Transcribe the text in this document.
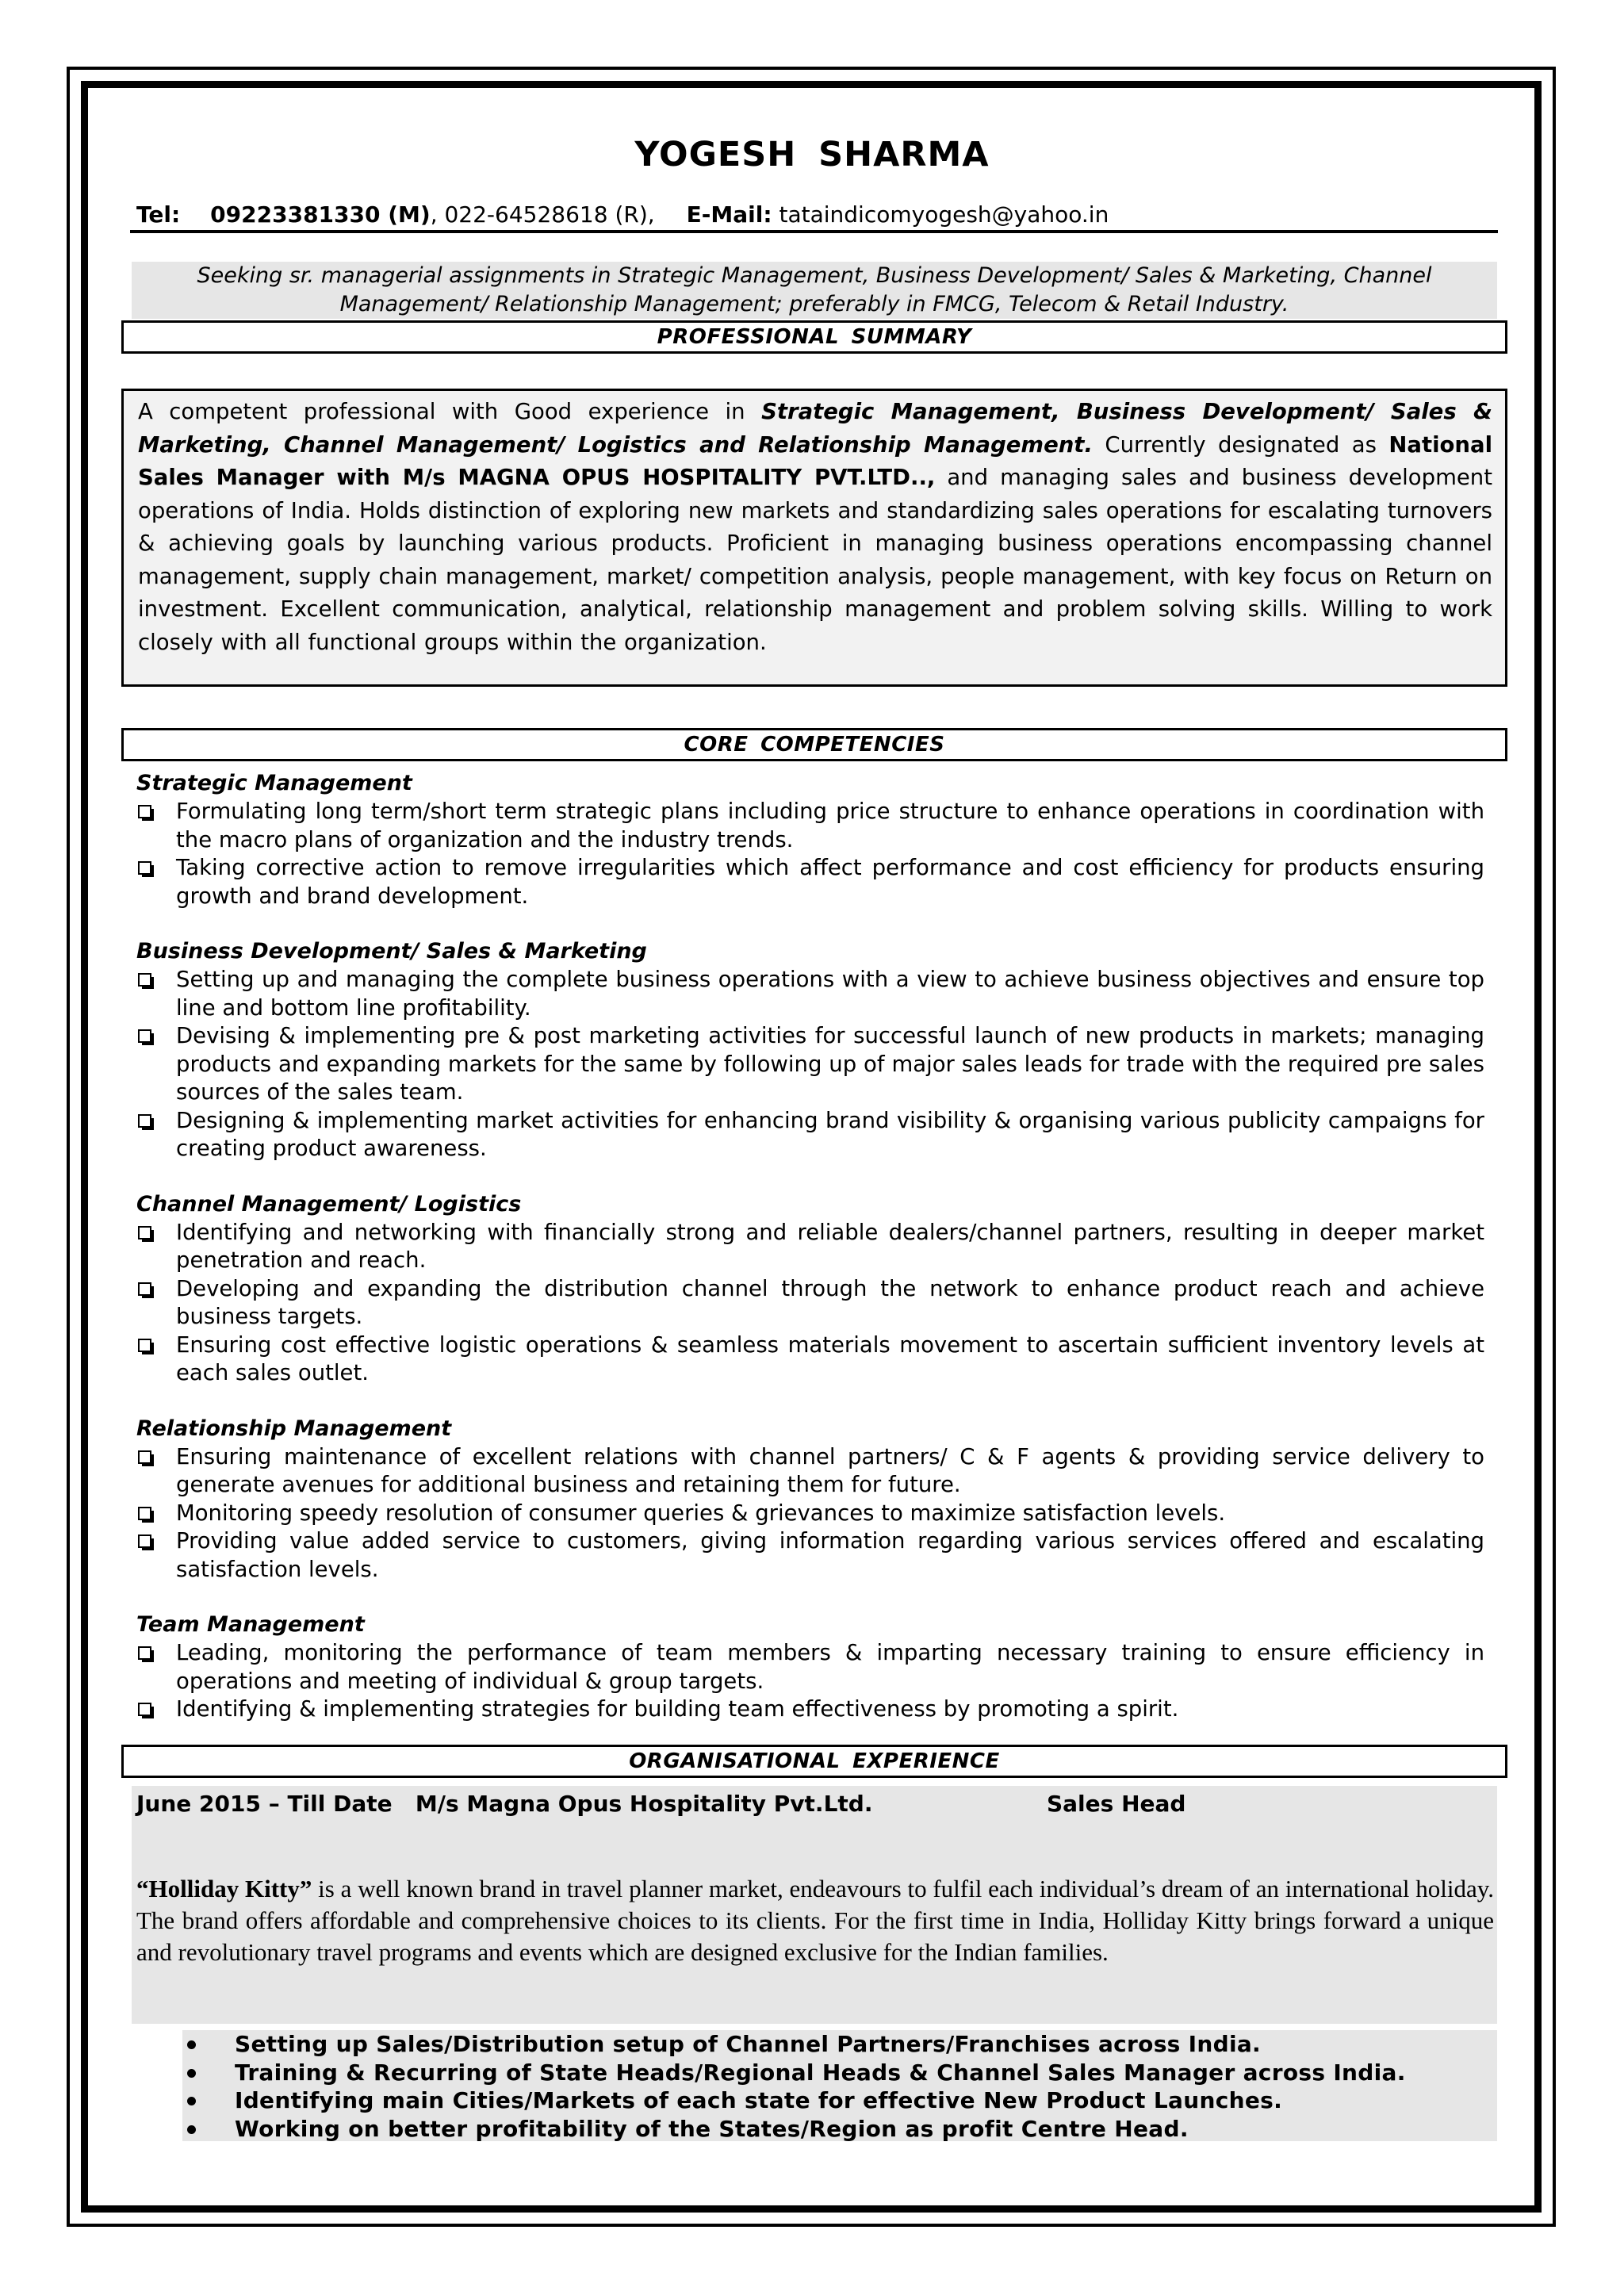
YOGESH SHARMA
Tel: 09223381330 (M), 022-64528618 (R), E-Mail: tataindicomyogesh@yahoo.in
Seeking sr. managerial assignments in Strategic Management, Business Development/ Sales & Marketing, Channel
Management/ Relationship Management; preferably in FMCG, Telecom & Retail Industry.
PROFESSIONAL SUMMARY

A competent professional with Good experience in Strategic Management, Business Development/ Sales & Marketing, Channel Management/ Logistics and Relationship Management. Currently designated as National Sales Manager with M/s MAGNA OPUS HOSPITALITY PVT.LTD.., and managing sales and business development operations of India. Holds distinction of exploring new markets and standardizing sales operations for escalating turnovers & achieving goals by launching various products. Proficient in managing business operations encompassing channel management, supply chain management, market/ competition analysis, people management, with key focus on Return on investment. Excellent communication, analytical, relationship management and problem solving skills. Willing to work closely with all functional groups within the organization.

CORE COMPETENCIES

Strategic Management

Formulating long term/short term strategic plans including price structure to enhance operations in coordination with the macro plans of organization and the industry trends.

Taking corrective action to remove irregularities which affect performance and cost efficiency for products ensuring growth and brand development.

Business Development/ Sales & Marketing

Setting up and managing the complete business operations with a view to achieve business objectives and ensure top line and bottom line profitability.

Devising & implementing pre & post marketing activities for successful launch of new products in markets; managing products and expanding markets for the same by following up of major sales leads for trade with the required pre sales sources of the sales team.

Designing & implementing market activities for enhancing brand visibility & organising various publicity campaigns for creating product awareness.

Channel Management/ Logistics

Identifying and networking with financially strong and reliable dealers/channel partners, resulting in deeper market penetration and reach.

Developing and expanding the distribution channel through the network to enhance product reach and achieve business targets.

Ensuring cost effective logistic operations & seamless materials movement to ascertain sufficient inventory levels at each sales outlet.

Relationship Management

Ensuring maintenance of excellent relations with channel partners/ C & F agents & providing service delivery to generate avenues for additional business and retaining them for future.

Monitoring speedy resolution of consumer queries & grievances to maximize satisfaction levels.

Providing value added service to customers, giving information regarding various services offered and escalating satisfaction levels.

Team Management

Leading, monitoring the performance of team members & imparting necessary training to ensure efficiency in operations and meeting of individual & group targets.

Identifying & implementing strategies for building team effectiveness by promoting a spirit.

ORGANISATIONAL EXPERIENCE
June 2015 – Till Date M/s Magna Opus Hospitality Pvt.Ltd.	Sales Head

“Holliday Kitty” is a well known brand in travel planner market, endeavours to fulfil each individual’s dream of an international holiday. The brand offers affordable and comprehensive choices to its clients. For the first time in India, Holliday Kitty brings forward a unique and revolutionary travel programs and events which are designed exclusive for the Indian families.

Setting up Sales/Distribution setup of Channel Partners/Franchises across India.
Training & Recurring of State Heads/Regional Heads & Channel Sales Manager across India.
Identifying main Cities/Markets of each state for effective New Product Launches.
Working on better profitability of the States/Region as profit Centre Head.
